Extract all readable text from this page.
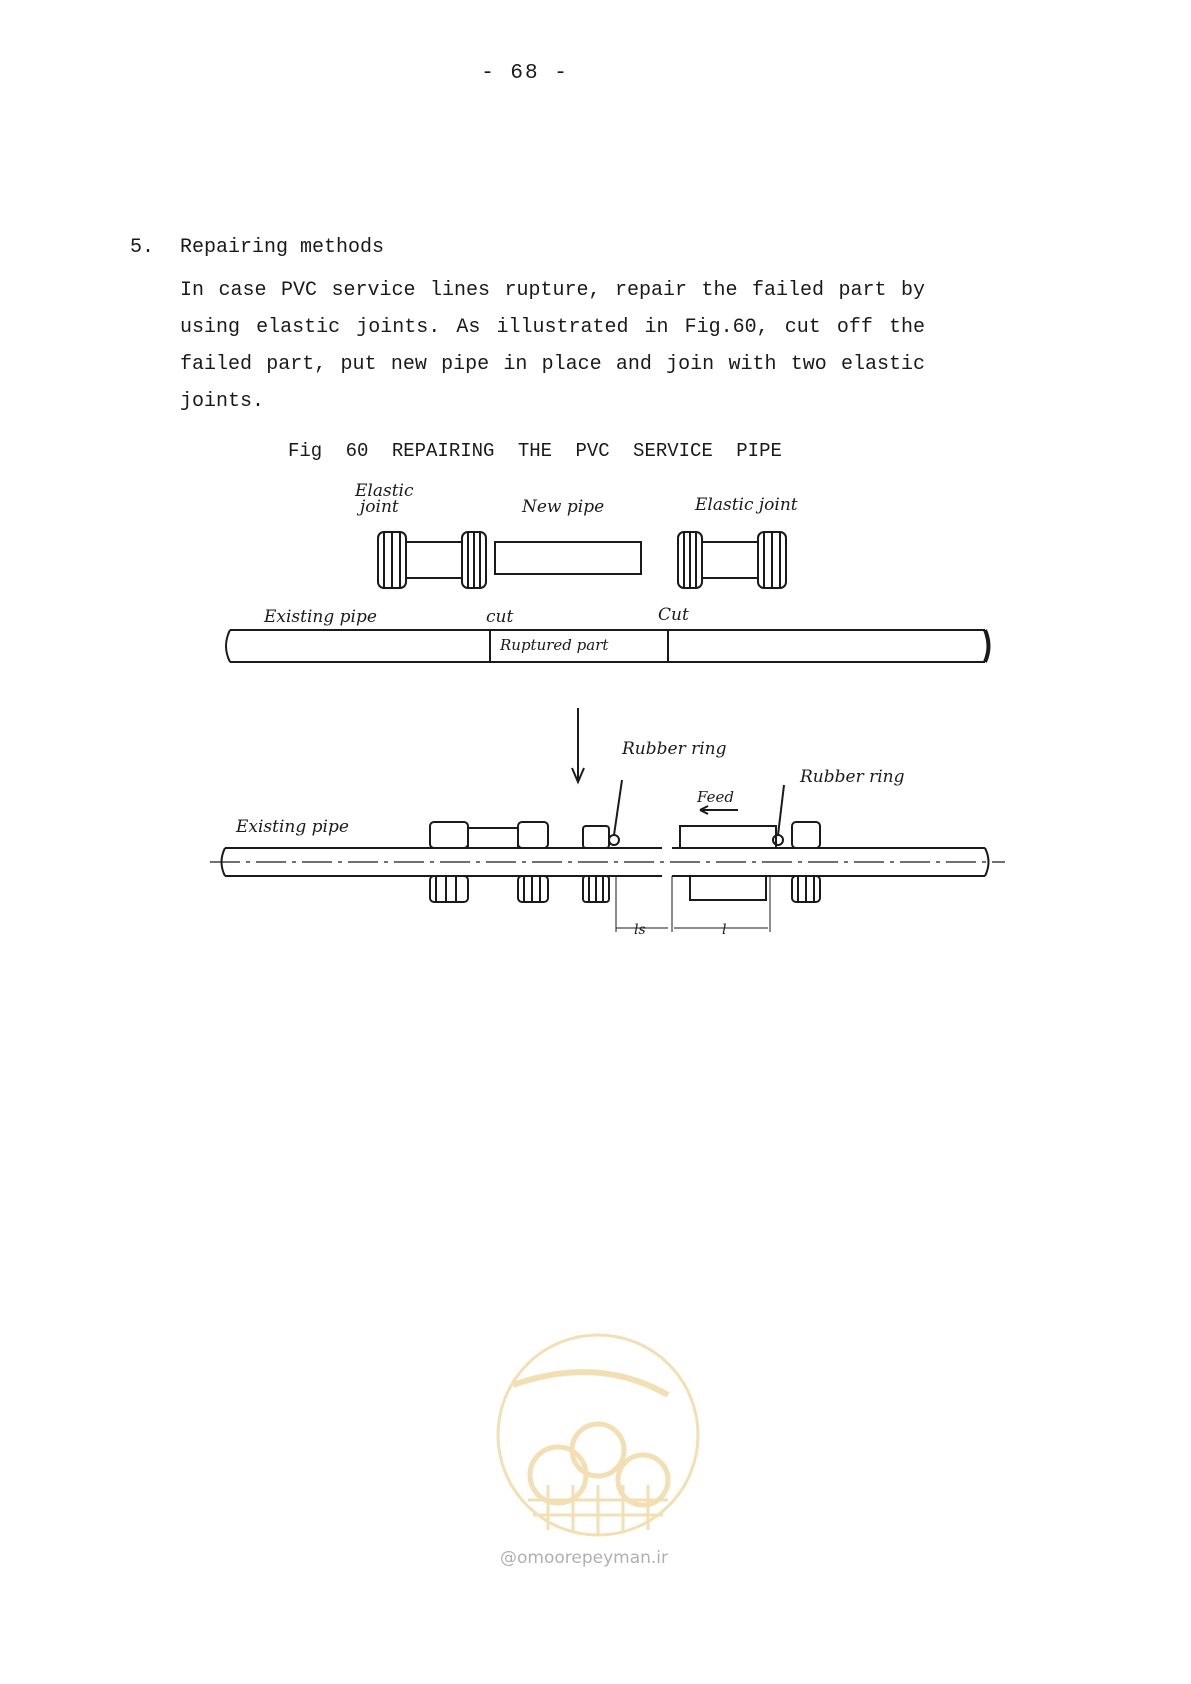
- 68 -
5. Repairing methods

In case PVC service lines rupture, repair the failed part by using elastic joints. As illustrated in Fig.60, cut off the failed part, put new pipe in place and join with two elastic joints.

Fig 60 REPAIRING THE PVC SERVICE PIPE
Elastic
joint	New pipe	Elastic joint
Existing pipe	cut	Cut
Ruptured part
Rubber ring
Rubber ring
Feed
Existing pipe
ls	l
@omoorepeyman.ir
